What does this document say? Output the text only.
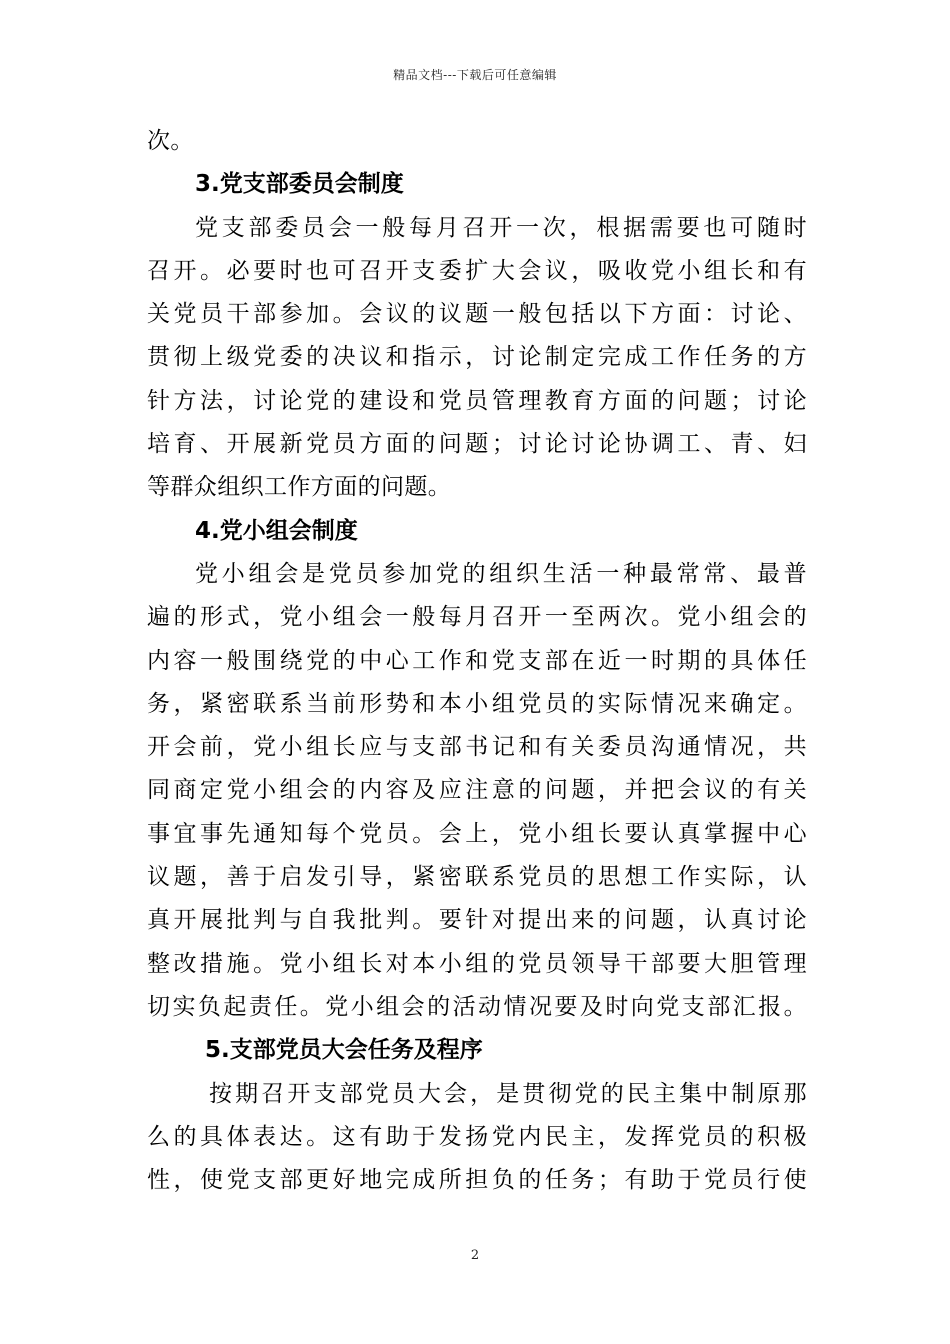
精品文档---下载后可任意编辑
次。
3.党支部委员会制度
党支部委员会一般每月召开一次，根据需要也可随时
召开。必要时也可召开支委扩大会议，吸收党小组长和有
关党员干部参加。会议的议题一般包括以下方面：讨论、
贯彻上级党委的决议和指示，讨论制定完成工作任务的方
针方法，讨论党的建设和党员管理教育方面的问题；讨论
培育、开展新党员方面的问题；讨论讨论协调工、青、妇
等群众组织工作方面的问题。
4.党小组会制度
党小组会是党员参加党的组织生活一种最常常、最普
遍的形式，党小组会一般每月召开一至两次。党小组会的
内容一般围绕党的中心工作和党支部在近一时期的具体任
务，紧密联系当前形势和本小组党员的实际情况来确定。
开会前，党小组长应与支部书记和有关委员沟通情况，共
同商定党小组会的内容及应注意的问题，并把会议的有关
事宜事先通知每个党员。会上，党小组长要认真掌握中心
议题，善于启发引导，紧密联系党员的思想工作实际，认
真开展批判与自我批判。要针对提出来的问题，认真讨论
整改措施。党小组长对本小组的党员领导干部要大胆管理
切实负起责任。党小组会的活动情况要及时向党支部汇报。
5.支部党员大会任务及程序
按期召开支部党员大会，是贯彻党的民主集中制原那
么的具体表达。这有助于发扬党内民主，发挥党员的积极
性，使党支部更好地完成所担负的任务；有助于党员行使
2
